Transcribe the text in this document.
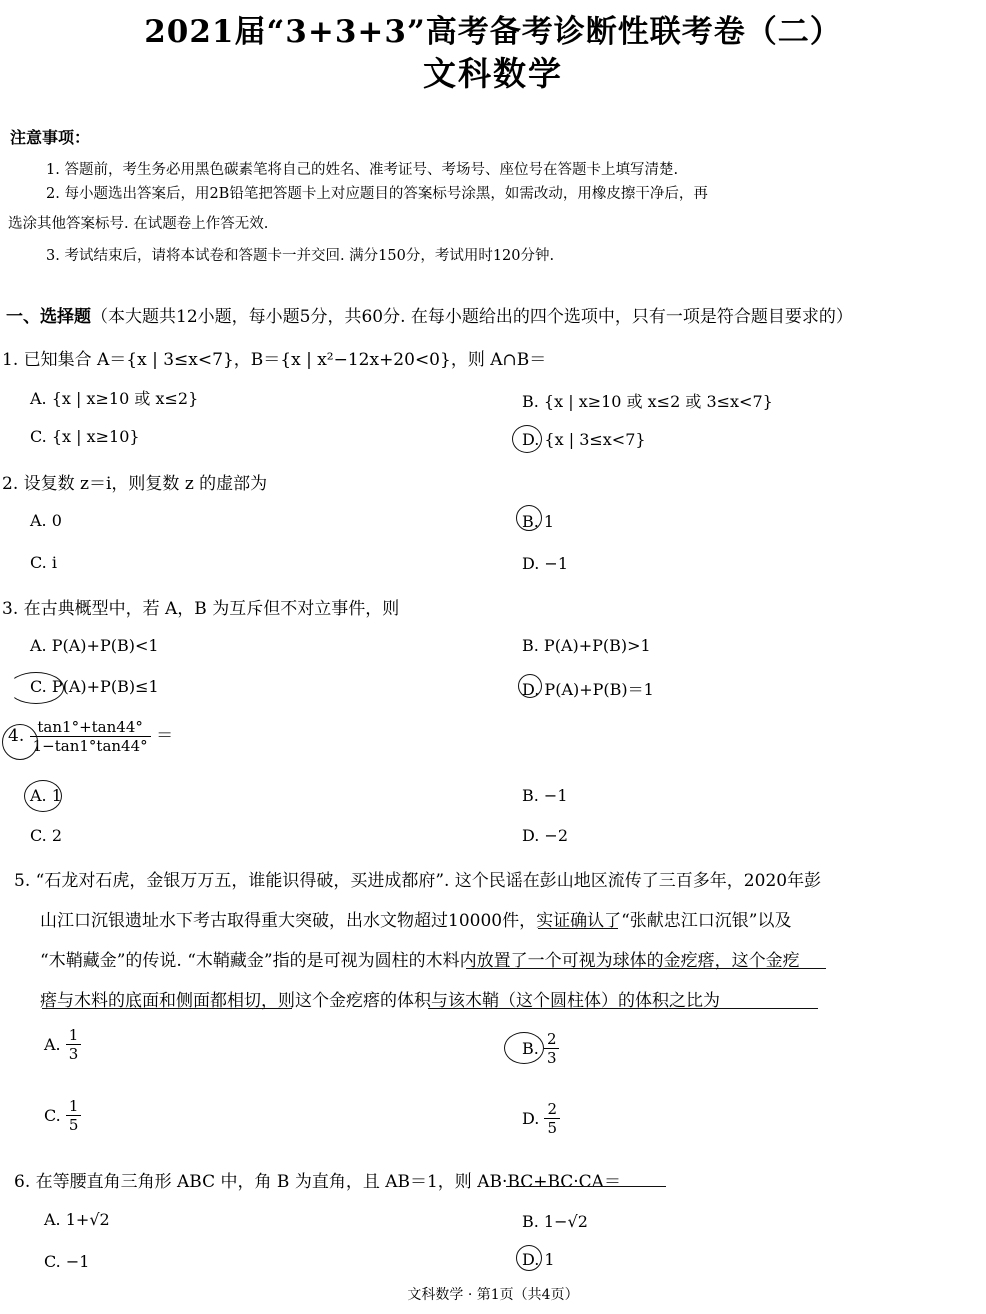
2021届“3+3+3”高考备考诊断性联考卷（二）
文科数学
注意事项：
1. 答题前，考生务必用黑色碳素笔将自己的姓名、准考证号、考场号、座位号在答题卡上填写清楚.
2. 每小题选出答案后，用2B铅笔把答题卡上对应题目的答案标号涂黑，如需改动，用橡皮擦干净后，再
选涂其他答案标号. 在试题卷上作答无效.
3. 考试结束后，请将本试卷和答题卡一并交回. 满分150分，考试用时120分钟.
一、选择题（本大题共12小题，每小题5分，共60分. 在每小题给出的四个选项中，只有一项是符合题目要求的）
1. 已知集合 A＝{x | 3≤x<7}，B＝{x | x²−12x+20<0}，则 A∩B＝
A. {x | x≥10 或 x≤2}	B. {x | x≥10 或 x≤2 或 3≤x<7}
C. {x | x≥10}	D. {x | 3≤x<7}
2. 设复数 z＝i，则复数 z 的虚部为
A. 0	B. 1
C. i	D. −1
3. 在古典概型中，若 A，B 为互斥但不对立事件，则
A. P(A)+P(B)<1	B. P(A)+P(B)>1
C. P(A)+P(B)≤1	D. P(A)+P(B)＝1
4. $\frac{\tan 1^\circ+\tan 44^\circ}{1-\tan 1^\circ\tan 44^\circ}$ ＝
A. 1	B. −1
C. 2	D. −2
5. “石龙对石虎，金银万万五，谁能识得破，买进成都府”. 这个民谣在彭山地区流传了三百多年，2020年彭
山江口沉银遗址水下考古取得重大突破，出水文物超过10000件，实证确认了“张献忠江口沉银”以及
“木鞘藏金”的传说. “木鞘藏金”指的是可视为圆柱的木料内放置了一个可视为球体的金疙瘩，这个金疙
瘩与木料的底面和侧面都相切，则这个金疙瘩的体积与该木鞘（这个圆柱体）的体积之比为
A. $\frac{1}{3}$	B. $\frac{2}{3}$
C. $\frac{1}{5}$	D. $\frac{2}{5}$
6. 在等腰直角三角形 ABC 中，角 B 为直角，且 AB＝1，则 AB·BC+BC·CA＝
A. 1+√2	B. 1−√2
C. −1	D. 1
文科数学 · 第1页（共4页）
